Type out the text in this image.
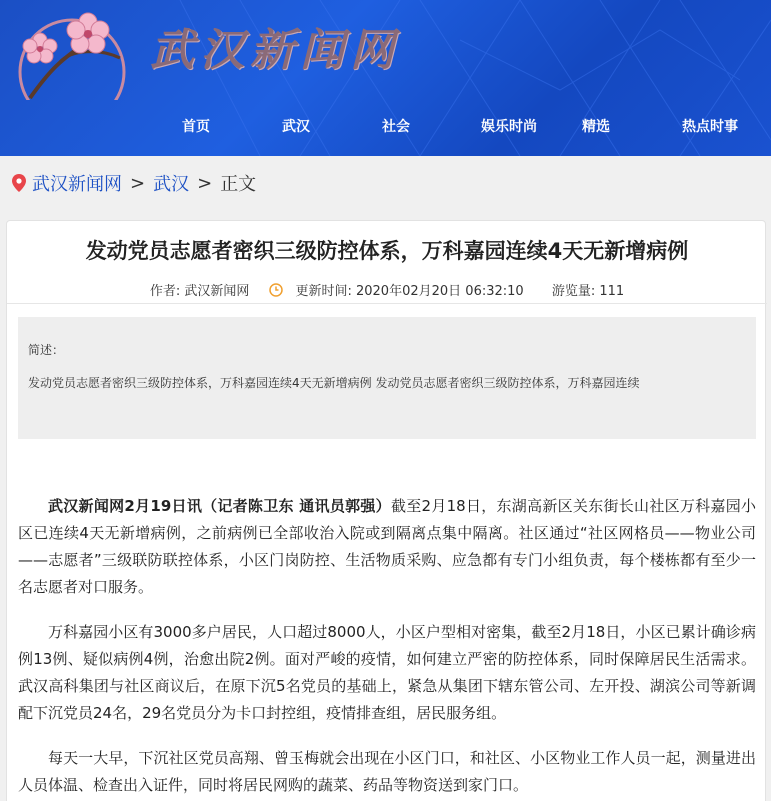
武汉新闻网
首页	武汉	社会	娱乐时尚	精选	热点时事
武汉新闻网 > 武汉 > 正文
发动党员志愿者密织三级防控体系，万科嘉园连续4天无新增病例
作者: 武汉新闻网	更新时间: 2020年02月20日 06:32:10 游览量: 111
简述：
发动党员志愿者密织三级防控体系，万科嘉园连续4天无新增病例 发动党员志愿者密织三级防控体系，万科嘉园连续

武汉新闻网2月19日讯（记者陈卫东 通讯员郭强）截至2月18日，东湖高新区关东街长山社区万科嘉园小区已连续4天无新增病例，之前病例已全部收治入院或到隔离点集中隔离。社区通过“社区网格员——物业公司——志愿者”三级联防联控体系，小区门岗防控、生活物质采购、应急都有专门小组负责，每个楼栋都有至少一名志愿者对口服务。

万科嘉园小区有3000多户居民，人口超过8000人，小区户型相对密集，截至2月18日，小区已累计确诊病例13例、疑似病例4例，治愈出院2例。面对严峻的疫情，如何建立严密的防控体系，同时保障居民生活需求。武汉高科集团与社区商议后，在原下沉5名党员的基础上，紧急从集团下辖东管公司、左开投、湖滨公司等新调配下沉党员24名，29名党员分为卡口封控组，疫情排查组，居民服务组。

每天一大早，下沉社区党员高翔、曾玉梅就会出现在小区门口，和社区、小区物业工作人员一起，测量进出人员体温、检查出入证件，同时将居民网购的蔬菜、药品等物资送到家门口。
